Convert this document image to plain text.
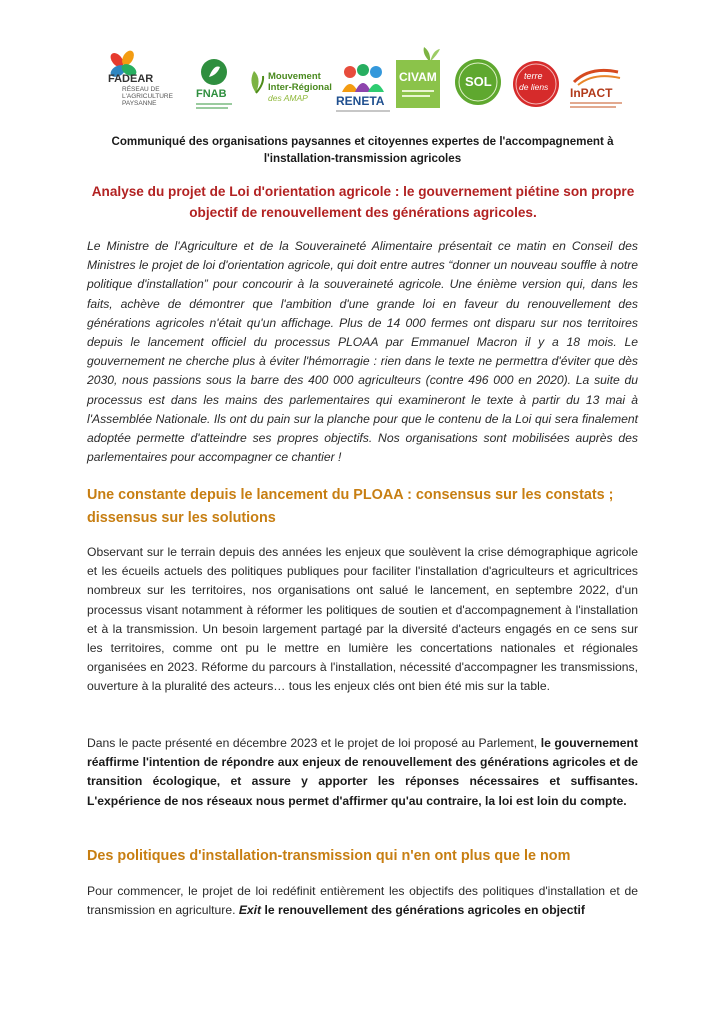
FADEAR
RÉSEAU DE
L'AGRICULTURE
PAYSANNE
FNAB
Mouvement
Inter-Régional
des AMAP RENETA
CIVAM SOL	terre
de liens InPACT
Communiqué des organisations paysannes et citoyennes expertes de l'accompagnement à l'installation-transmission agricoles
Analyse du projet de Loi d'orientation agricole : le gouvernement piétine son propre objectif de renouvellement des générations agricoles.
Le Ministre de l'Agriculture et de la Souveraineté Alimentaire présentait ce matin en Conseil des Ministres le projet de loi d'orientation agricole, qui doit entre autres “donner un nouveau souffle à notre politique d'installation” pour concourir à la souveraineté agricole. Une énième version qui, dans les faits, achève de démontrer que l'ambition d'une grande loi en faveur du renouvellement des générations agricoles n'était qu'un affichage. Plus de 14 000 fermes ont disparu sur nos territoires depuis le lancement officiel du processus PLOAA par Emmanuel Macron il y a 18 mois. Le gouvernement ne cherche plus à éviter l'hémorragie : rien dans le texte ne permettra d'éviter que dès 2030, nous passions sous la barre des 400 000 agriculteurs (contre 496 000 en 2020). La suite du processus est dans les mains des parlementaires qui examineront le texte à partir du 13 mai à l'Assemblée Nationale. Ils ont du pain sur la planche pour que le contenu de la Loi qui sera finalement adoptée permette d'atteindre ses propres objectifs. Nos organisations sont mobilisées auprès des parlementaires pour accompagner ce chantier !
Une constante depuis le lancement du PLOAA : consensus sur les constats ; dissensus sur les solutions
Observant sur le terrain depuis des années les enjeux que soulèvent la crise démographique agricole et les écueils actuels des politiques publiques pour faciliter l'installation d'agriculteurs et agricultrices nombreux sur les territoires, nos organisations ont salué le lancement, en septembre 2022, d'un processus visant notamment à réformer les politiques de soutien et d'accompagnement à l'installation et à la transmission. Un besoin largement partagé par la diversité d'acteurs engagés en ce sens sur les territoires, comme ont pu le mettre en lumière les concertations nationales et régionales organisées en 2023. Réforme du parcours à l'installation, nécessité d'accompagner les transmissions, ouverture à la pluralité des acteurs… tous les enjeux clés ont bien été mis sur la table.
Dans le pacte présenté en décembre 2023 et le projet de loi proposé au Parlement, le gouvernement réaffirme l'intention de répondre aux enjeux de renouvellement des générations agricoles et de transition écologique, et assure y apporter les réponses nécessaires et suffisantes. L'expérience de nos réseaux nous permet d'affirmer qu'au contraire, la loi est loin du compte.
Des politiques d'installation-transmission qui n'en ont plus que le nom
Pour commencer, le projet de loi redéfinit entièrement les objectifs des politiques d'installation et de transmission en agriculture. Exit le renouvellement des générations agricoles en objectif
